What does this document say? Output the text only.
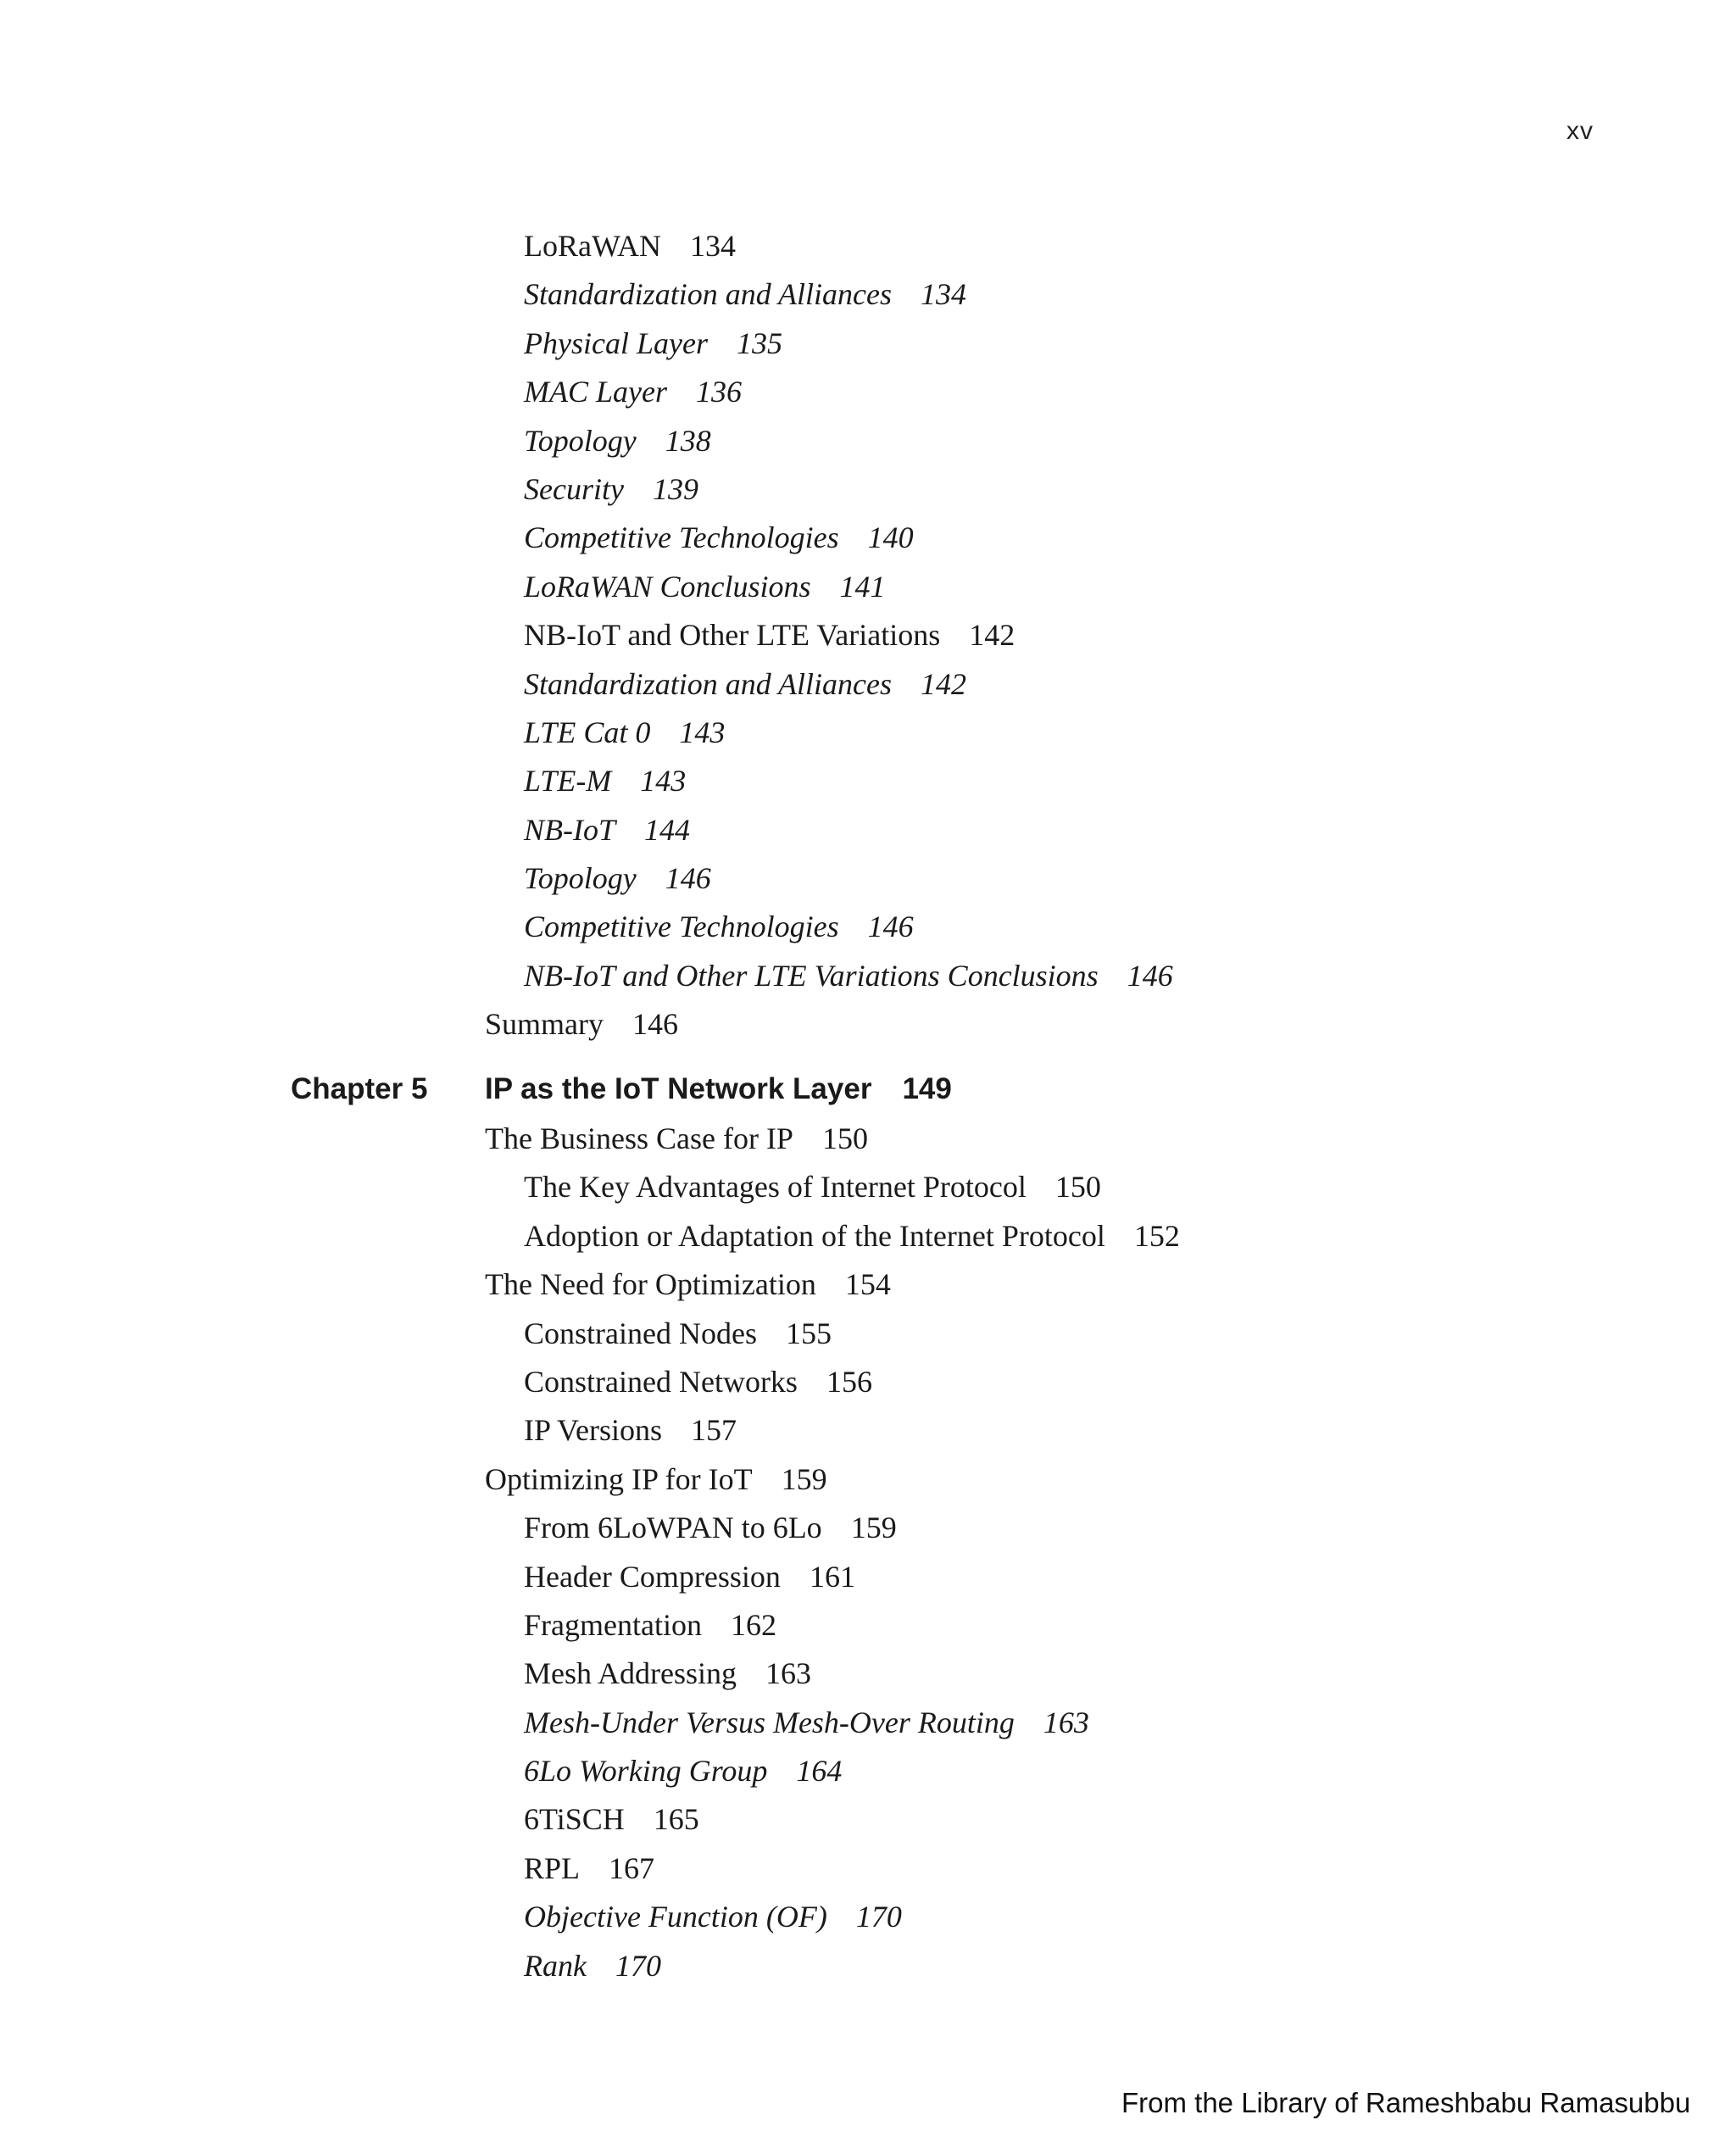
xv
LoRaWAN 134
Standardization and Alliances 134
Physical Layer 135
MAC Layer 136
Topology 138
Security 139
Competitive Technologies 140
LoRaWAN Conclusions 141
NB-IoT and Other LTE Variations 142
Standardization and Alliances 142
LTE Cat 0 143
LTE-M 143
NB-IoT 144
Topology 146
Competitive Technologies 146
NB-IoT and Other LTE Variations Conclusions 146
Summary 146
Chapter 5 IP as the IoT Network Layer 149
The Business Case for IP 150
The Key Advantages of Internet Protocol 150
Adoption or Adaptation of the Internet Protocol 152
The Need for Optimization 154
Constrained Nodes 155
Constrained Networks 156
IP Versions 157
Optimizing IP for IoT 159
From 6LoWPAN to 6Lo 159
Header Compression 161
Fragmentation 162
Mesh Addressing 163
Mesh-Under Versus Mesh-Over Routing 163
6Lo Working Group 164
6TiSCH 165
RPL 167
Objective Function (OF) 170
Rank 170
From the Library of Rameshbabu Ramasubbu
